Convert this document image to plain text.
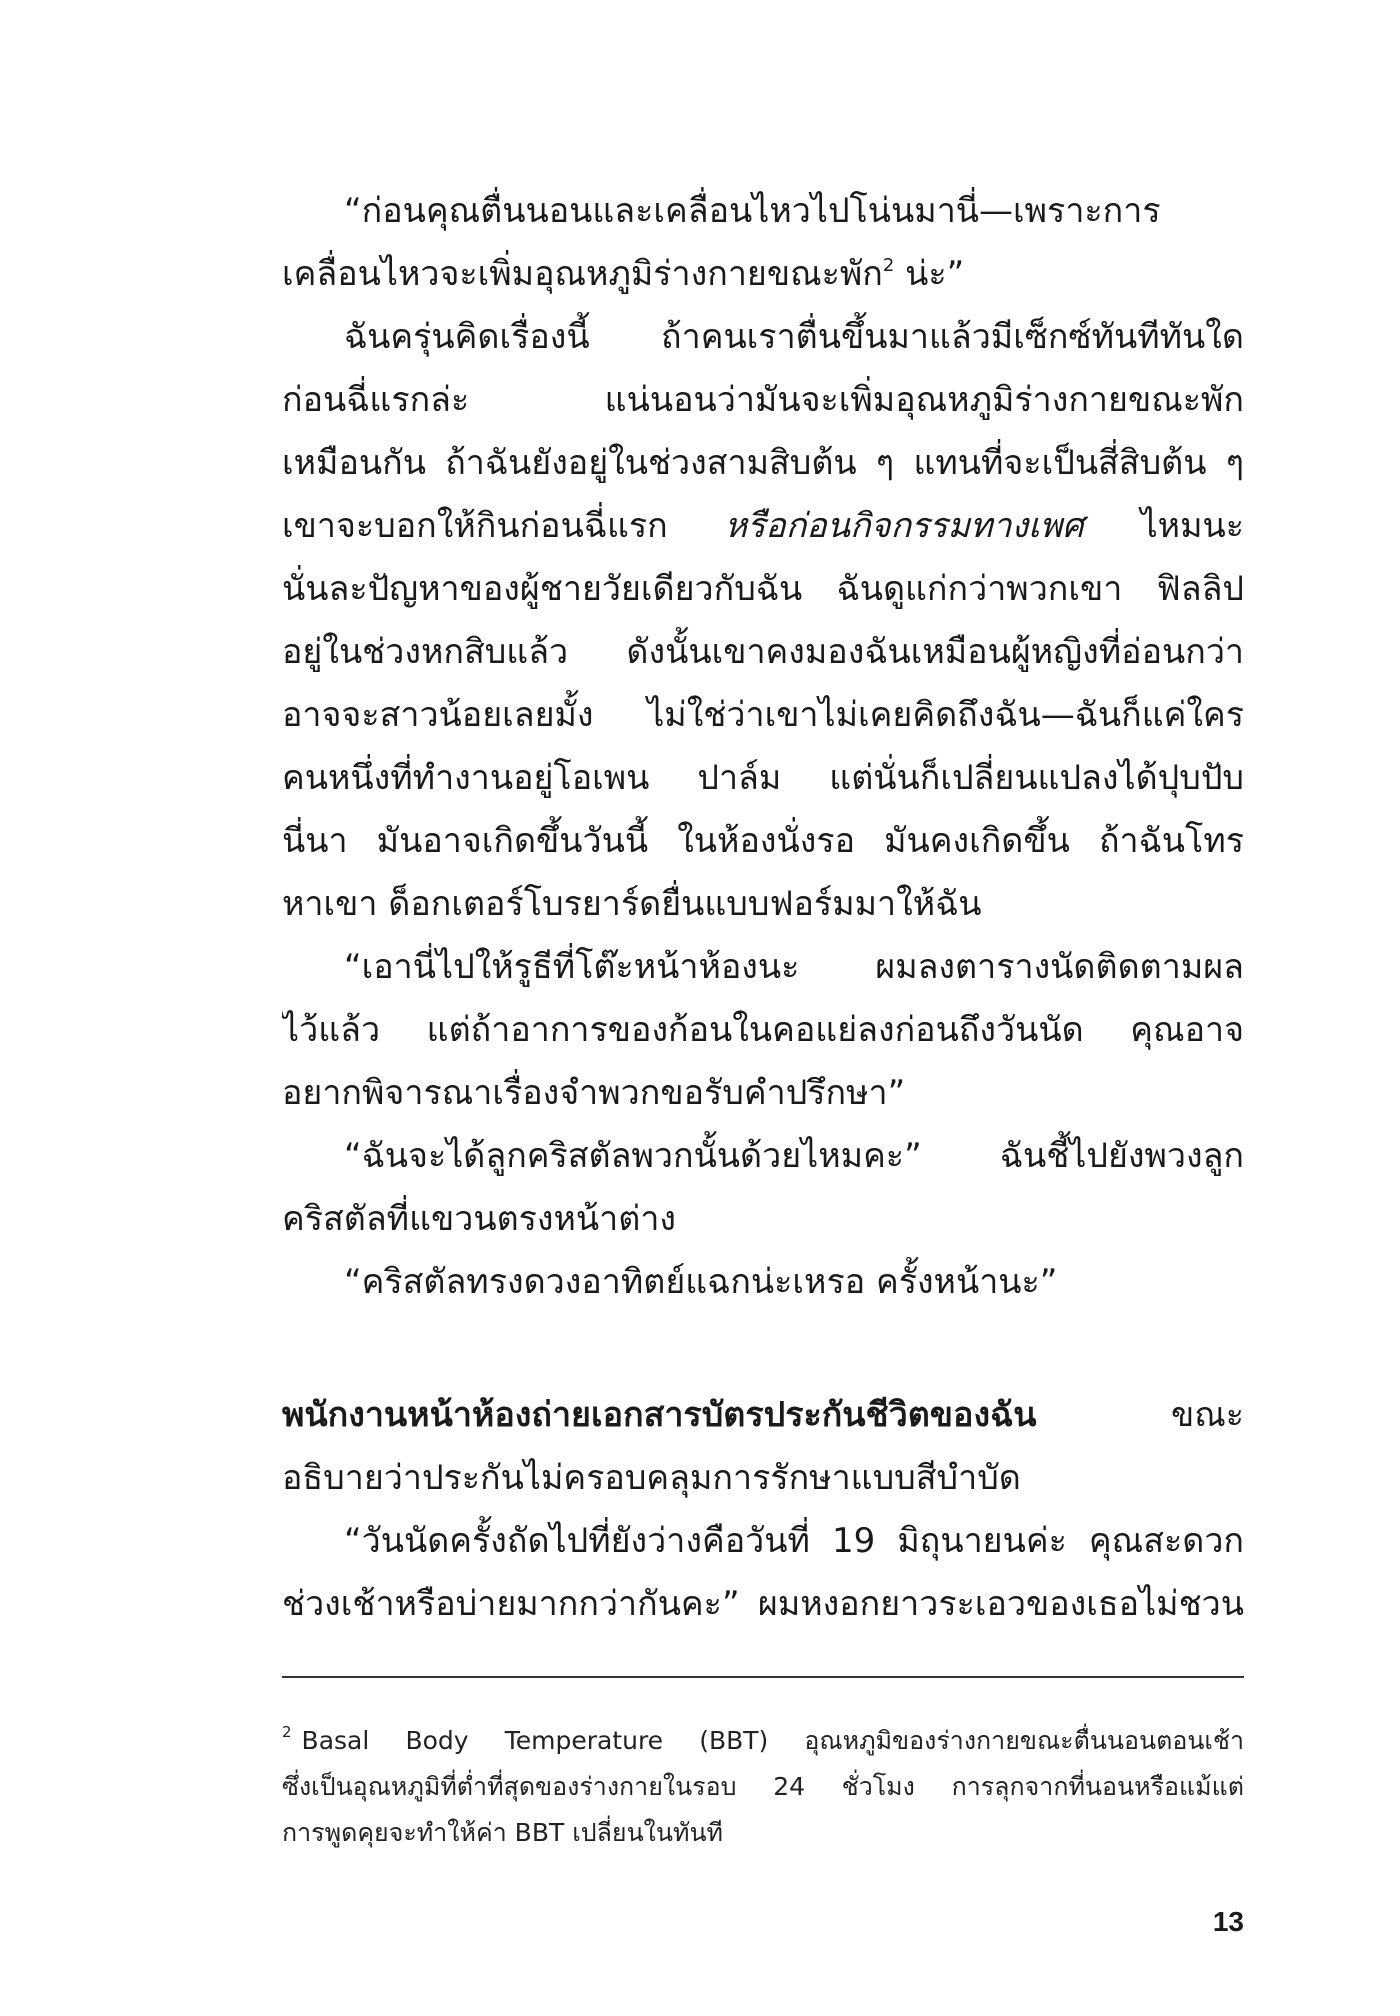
“ก่อนคุณตื่นนอนและเคลื่อนไหวไปโน่นมานี่—เพราะการ
เคลื่อนไหวจะเพิ่มอุณหภูมิร่างกายขณะพัก$^2$ น่ะ”
ฉันครุ่นคิดเรื่องนี้ ถ้าคนเราตื่นขึ้นมาแล้วมีเซ็กซ์ทันทีทันใด
ก่อนฉี่แรกล่ะ แน่นอนว่ามันจะเพิ่มอุณหภูมิร่างกายขณะพัก
เหมือนกัน ถ้าฉันยังอยู่ในช่วงสามสิบต้น ๆ แทนที่จะเป็นสี่สิบต้น ๆ
เขาจะบอกให้กินก่อนฉี่แรก หรือก่อนกิจกรรมทางเพศ ไหมนะ
นั่นละปัญหาของผู้ชายวัยเดียวกับฉัน ฉันดูแก่กว่าพวกเขา ฟิลลิป
อยู่ในช่วงหกสิบแล้ว ดังนั้นเขาคงมองฉันเหมือนผู้หญิงที่อ่อนกว่า
อาจจะสาวน้อยเลยมั้ง ไม่ใช่ว่าเขาไม่เคยคิดถึงฉัน—ฉันก็แค่ใคร
คนหนึ่งที่ทำงานอยู่โอเพน ปาล์ม แต่นั่นก็เปลี่ยนแปลงได้ปุบปับ
นี่นา มันอาจเกิดขึ้นวันนี้ ในห้องนั่งรอ มันคงเกิดขึ้น ถ้าฉันโทร
หาเขา ด็อกเตอร์โบรยาร์ดยื่นแบบฟอร์มมาให้ฉัน
“เอานี่ไปให้รูธีที่โต๊ะหน้าห้องนะ ผมลงตารางนัดติดตามผล
ไว้แล้ว แต่ถ้าอาการของก้อนในคอแย่ลงก่อนถึงวันนัด คุณอาจ
อยากพิจารณาเรื่องจำพวกขอรับคำปรึกษา”
“ฉันจะได้ลูกคริสตัลพวกนั้นด้วยไหมคะ” ฉันชี้ไปยังพวงลูก
คริสตัลที่แขวนตรงหน้าต่าง
“คริสตัลทรงดวงอาทิตย์แฉกน่ะเหรอ ครั้งหน้านะ”
พนักงานหน้าห้องถ่ายเอกสารบัตรประกันชีวิตของฉัน ขณะ
อธิบายว่าประกันไม่ครอบคลุมการรักษาแบบสีบำบัด
“วันนัดครั้งถัดไปที่ยังว่างคือวันที่ 19 มิถุนายนค่ะ คุณสะดวก
ช่วงเช้าหรือบ่ายมากกว่ากันคะ” ผมหงอกยาวระเอวของเธอไม่ชวน
$^2$ Basal Body Temperature (BBT) อุณหภูมิของร่างกายขณะตื่นนอนตอนเช้า
ซึ่งเป็นอุณหภูมิที่ต่ำที่สุดของร่างกายในรอบ 24 ชั่วโมง การลุกจากที่นอนหรือแม้แต่
การพูดคุยจะทำให้ค่า BBT เปลี่ยนในทันที
13
